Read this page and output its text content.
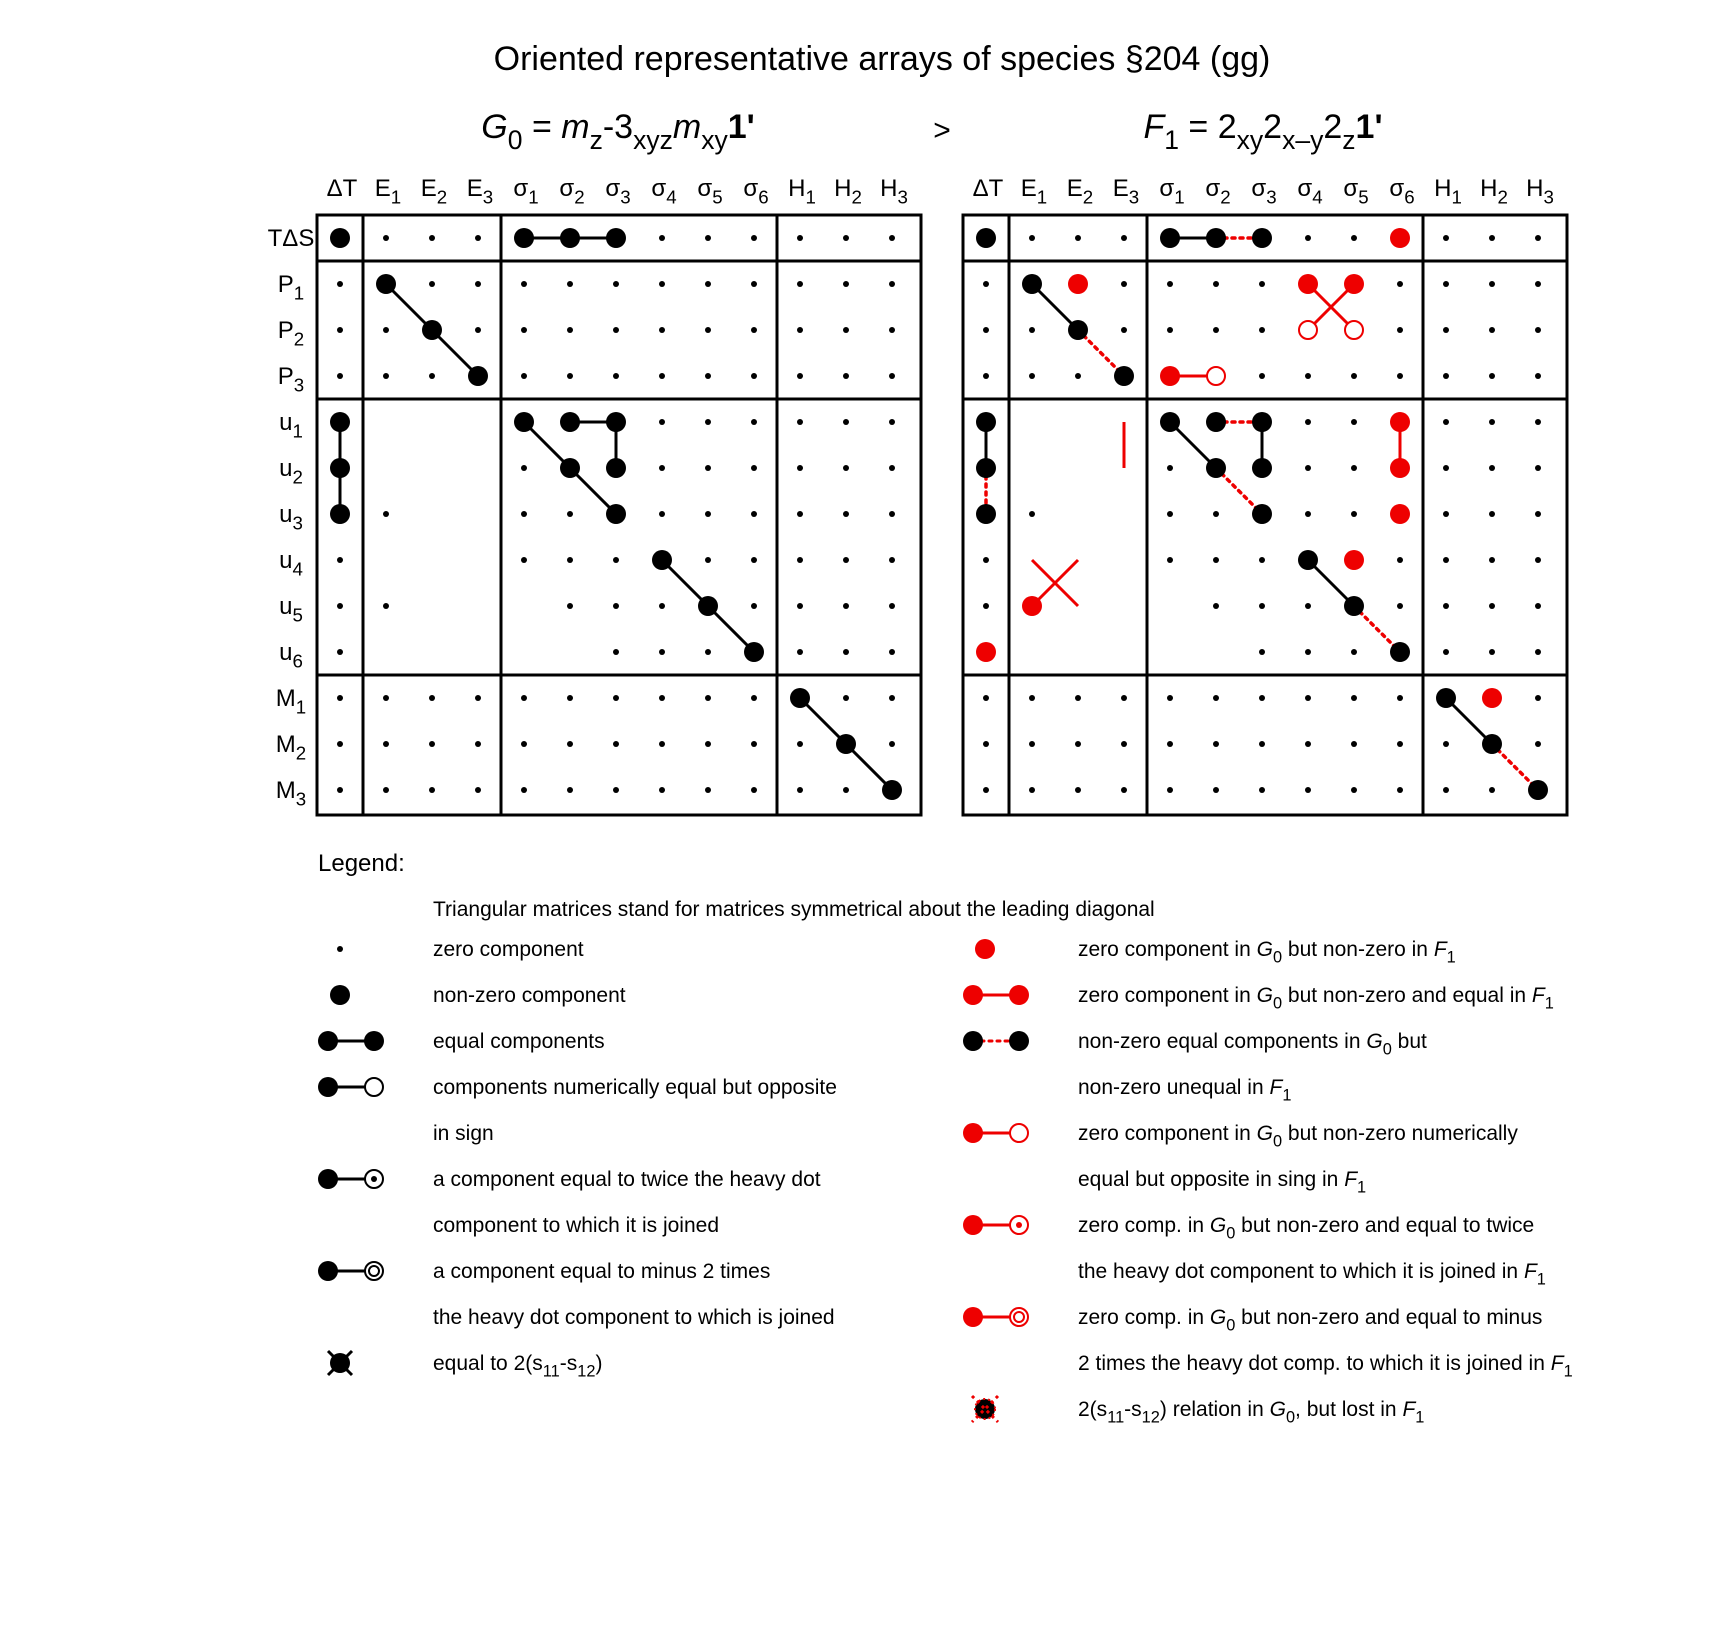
Oriented representative arrays of species §204 (gg)
>
$G_0 = m_z-3_{xyz}m_{xy}1'$	$F_1 = 2_{xy}2_{x-y}2_z1'$
ΔT $E_1$ $E_2$ $E_3$ $\sigma_1$ $\sigma_2$ $\sigma_3$ $\sigma_4$ $\sigma_5$ $\sigma_6$ $H_1$ $H_2$ $H_3$
TΔS
$P_1$
$P_2$
$P_3$
$u_1$
$u_2$
$u_3$
$u_4$
$u_5$
$u_6$
$M_1$
$M_2$
$M_3$
ΔT $E_1$ $E_2$ $E_3$ $\sigma_1$ $\sigma_2$ $\sigma_3$ $\sigma_4$ $\sigma_5$ $\sigma_6$ $H_1$ $H_2$ $H_3$
Legend:
Triangular matrices stand for matrices symmetrical about the leading diagonal
zero component
non-zero component
equal components
components numerically equal but opposite
in sign
a component equal to twice the heavy dot
component to which it is joined
a component equal to minus 2 times
the heavy dot component to which is joined
equal to $2(s_{11}-s_{12})$
zero component in $G_0$ but non-zero in $F_1$
zero component in $G_0$ but non-zero and equal in $F_1$
non-zero equal components in $G_0$ but
non-zero unequal in $F_1$
zero component in $G_0$ but non-zero numerically
equal but opposite in sing in $F_1$
zero comp. in $G_0$ but non-zero and equal to twice
the heavy dot component to which it is joined in $F_1$
zero comp. in $G_0$ but non-zero and equal to minus
2 times the heavy dot comp. to which it is joined in $F_1$
$2(s_{11}-s_{12})$ relation in $G_0$, but lost in $F_1$
